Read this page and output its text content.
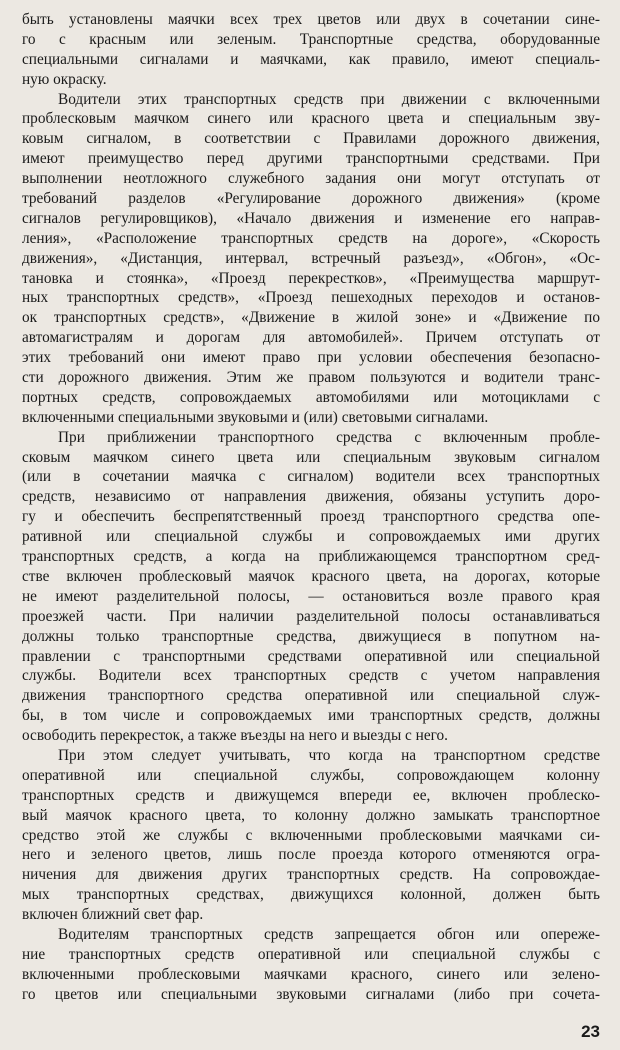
быть установлены маячки всех трех цветов или двух в сочетании сине-
го с красным или зеленым. Транспортные средства, оборудованные
специальными сигналами и маячками, как правило, имеют специаль-
ную окраску.
Водители этих транспортных средств при движении с включенными
проблесковым маячком синего или красного цвета и специальным зву-
ковым сигналом, в соответствии с Правилами дорожного движения,
имеют преимущество перед другими транспортными средствами. При
выполнении неотложного служебного задания они могут отступать от
требований разделов «Регулирование дорожного движения» (кроме
сигналов регулировщиков), «Начало движения и изменение его направ-
ления», «Расположение транспортных средств на дороге», «Скорость
движения», «Дистанция, интервал, встречный разъезд», «Обгон», «Ос-
тановка и стоянка», «Проезд перекрестков», «Преимущества маршрут-
ных транспортных средств», «Проезд пешеходных переходов и останов-
ок транспортных средств», «Движение в жилой зоне» и «Движение по
автомагистралям и дорогам для автомобилей». Причем отступать от
этих требований они имеют право при условии обеспечения безопасно-
сти дорожного движения. Этим же правом пользуются и водители транс-
портных средств, сопровождаемых автомобилями или мотоциклами с
включенными специальными звуковыми и (или) световыми сигналами.
При приближении транспортного средства с включенным пробле-
сковым маячком синего цвета или специальным звуковым сигналом
(или в сочетании маячка с сигналом) водители всех транспортных
средств, независимо от направления движения, обязаны уступить доро-
гу и обеспечить беспрепятственный проезд транспортного средства опе-
ративной или специальной службы и сопровождаемых ими других
транспортных средств, а когда на приближающемся транспортном сред-
стве включен проблесковый маячок красного цвета, на дорогах, которые
не имеют разделительной полосы, — остановиться возле правого края
проезжей части. При наличии разделительной полосы останавливаться
должны только транспортные средства, движущиеся в попутном на-
правлении с транспортными средствами оперативной или специальной
службы. Водители всех транспортных средств с учетом направления
движения транспортного средства оперативной или специальной служ-
бы, в том числе и сопровождаемых ими транспортных средств, должны
освободить перекресток, а также въезды на него и выезды с него.
При этом следует учитывать, что когда на транспортном средстве
оперативной или специальной службы, сопровождающем колонну
транспортных средств и движущемся впереди ее, включен проблеско-
вый маячок красного цвета, то колонну должно замыкать транспортное
средство этой же службы с включенными проблесковыми маячками си-
него и зеленого цветов, лишь после проезда которого отменяются огра-
ничения для движения других транспортных средств. На сопровождае-
мых транспортных средствах, движущихся колонной, должен быть
включен ближний свет фар.
Водителям транспортных средств запрещается обгон или опереже-
ние транспортных средств оперативной или специальной службы с
включенными проблесковыми маячками красного, синего или зелено-
го цветов или специальными звуковыми сигналами (либо при сочета-
23
